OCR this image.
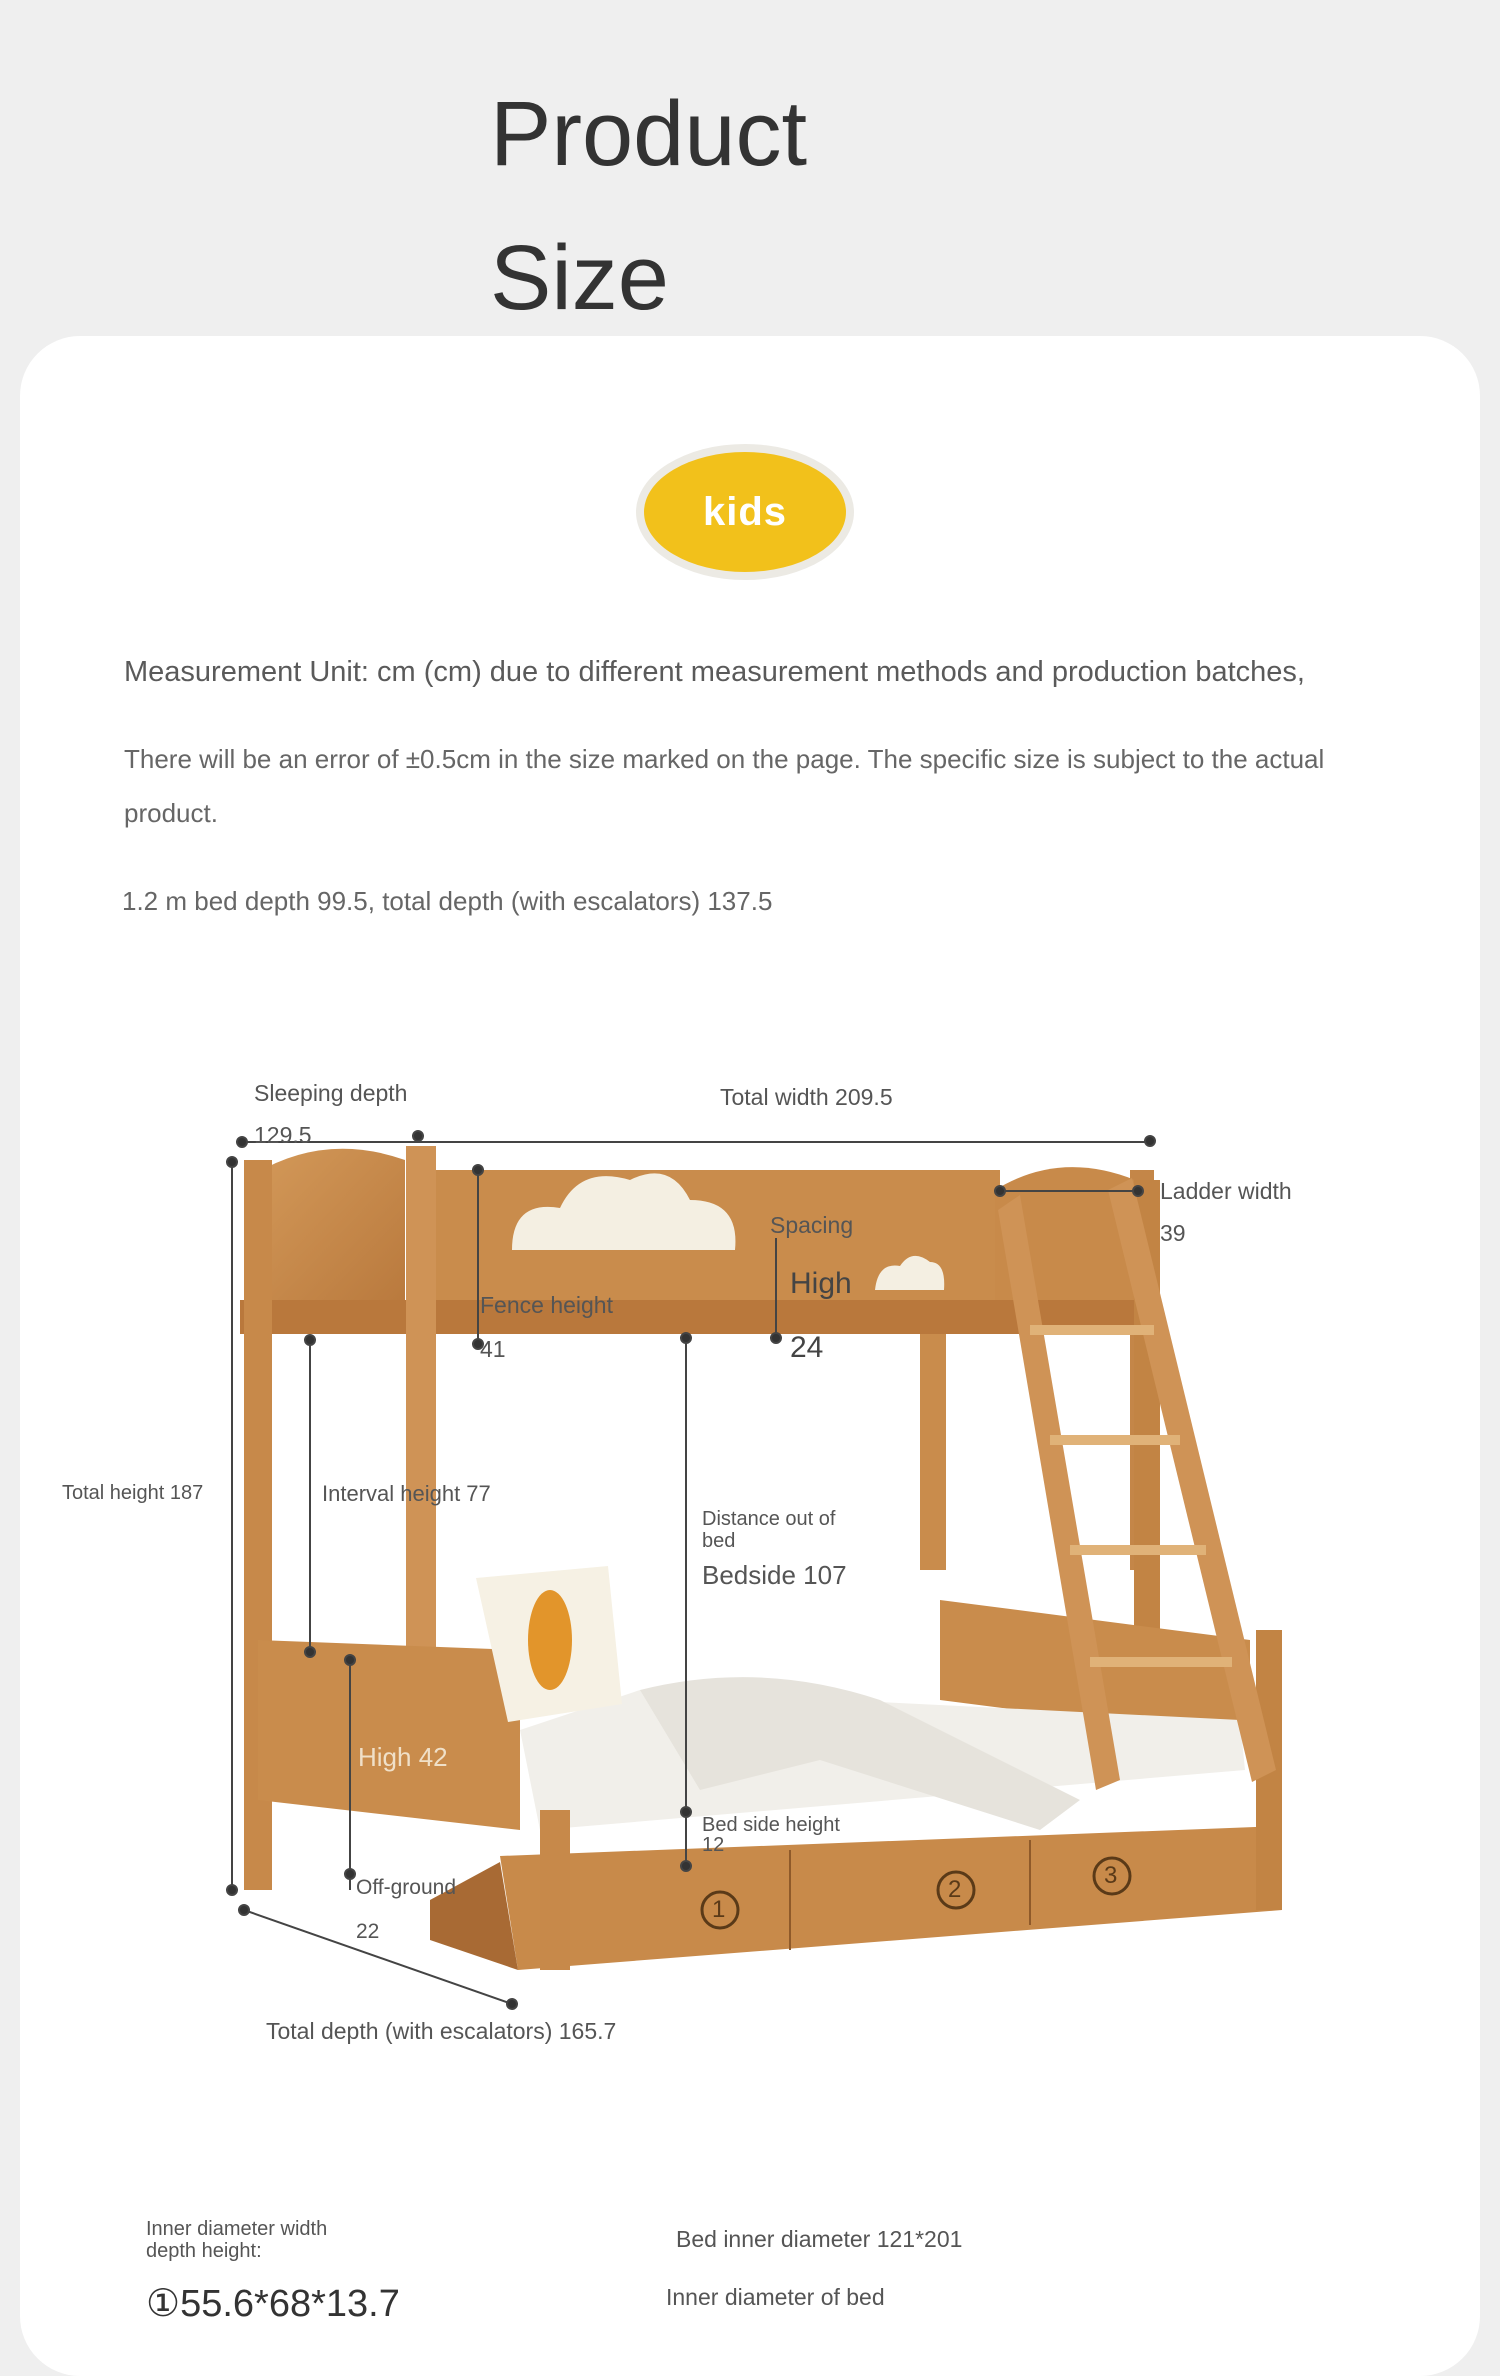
Product
Size
kids
Measurement Unit: cm (cm) due to different measurement methods and production batches,
There will be an error of ±0.5cm in the size marked on the page. The specific size is subject to the actual product.
1.2 m bed depth 99.5, total depth (with escalators) 137.5
1
2
3
Sleeping depth
129.5
Total width 209.5
Ladder width
39
Spacing
High
24
Fence height
41
Total height 187	Interval height 77
Distance out of bed
Bedside 107
High 42
Bed side height
12
Off-ground
22
Total depth (with escalators) 165.7
Inner diameter width depth height:
①55.6*68*13.7
Bed inner diameter 121*201
Inner diameter of bed
